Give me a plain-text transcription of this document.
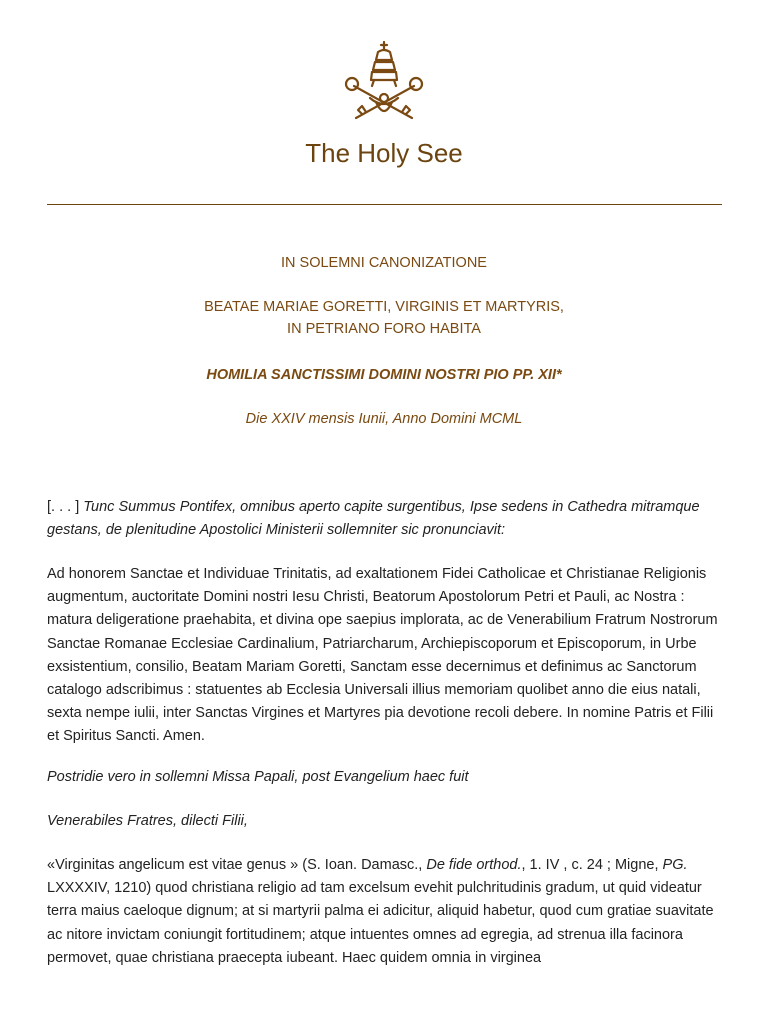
The Holy See
IN SOLEMNI CANONIZATIONE
BEATAE MARIAE GORETTI, VIRGINIS ET MARTYRIS,
IN PETRIANO FORO HABITA
HOMILIA SANCTISSIMI DOMINI NOSTRI PIO PP. XII*
Die XXIV mensis Iunii, Anno Domini MCML

[. . . ] Tunc Summus Pontifex, omnibus aperto capite surgentibus, Ipse sedens in Cathedra mitramque gestans, de plenitudine Apostolici Ministerii sollemniter sic pronunciavit:

Ad honorem Sanctae et Individuae Trinitatis, ad exaltationem Fidei Catholicae et Christianae Religionis augmentum, auctoritate Domini nostri Iesu Christi, Beatorum Apostolorum Petri et Pauli, ac Nostra : matura deligeratione praehabita, et divina ope saepius implorata, ac de Venerabilium Fratrum Nostrorum Sanctae Romanae Ecclesiae Cardinalium, Patriarcharum, Archiepiscoporum et Episcoporum, in Urbe exsistentium, consilio, Beatam Mariam Goretti, Sanctam esse decernimus et definimus ac Sanctorum catalogo adscribimus : statuentes ab Ecclesia Universali illius memoriam quolibet anno die eius natali, sexta nempe iulii, inter Sanctas Virgines et Martyres pia devotione recoli debere. In nomine Patris et Filii et Spiritus Sancti. Amen.

Postridie vero in sollemni Missa Papali, post Evangelium haec fuit

Venerabiles Fratres, dilecti Filii,

«Virginitas angelicum est vitae genus » (S. Ioan. Damasc., De fide orthod., 1. IV , c. 24 ; Migne, PG. LXXXXIV, 1210) quod christiana religio ad tam excelsum evehit pulchritudinis gradum, ut quid videatur terra maius caeloque dignum; at si martyrii palma ei adicitur, aliquid habetur, quod cum gratiae suavitate ac nitore invictam coniungit fortitudinem; atque intuentes omnes ad egregia, ad strenua illa facinora permovet, quae christiana praecepta iubeant. Haec quidem omnia in virginea
